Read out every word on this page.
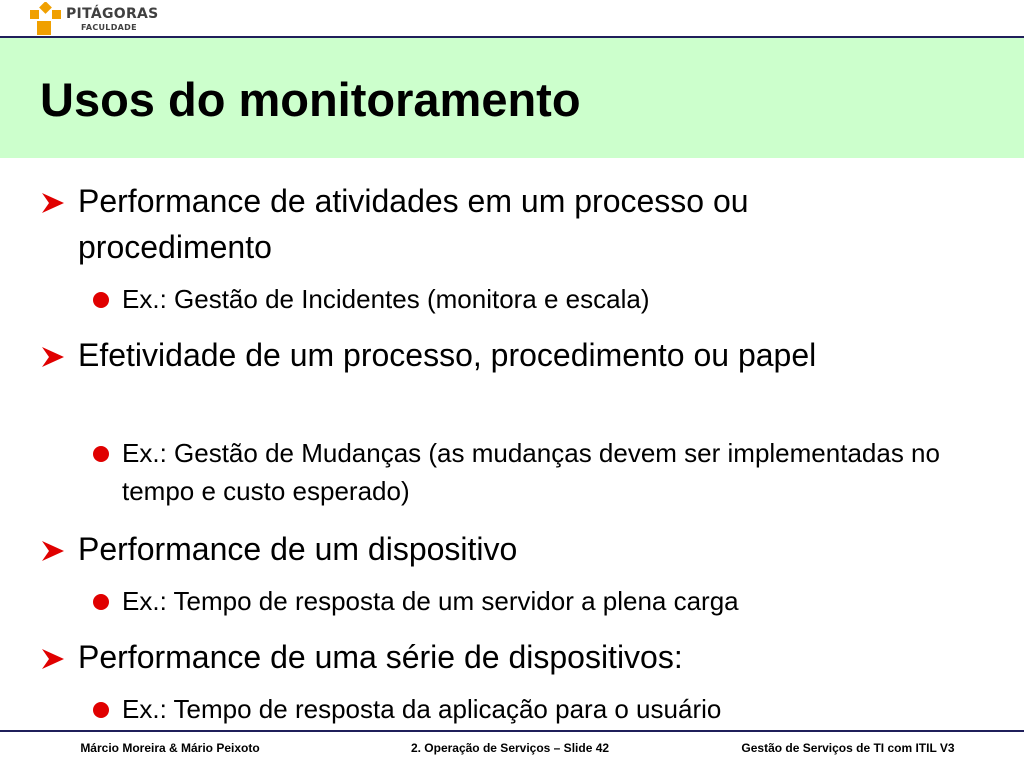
PITÁGORAS
FACULDADE
Usos do monitoramento
Performance de atividades em um processo ou procedimento
Ex.: Gestão de Incidentes (monitora e escala)
Efetividade de um processo, procedimento ou papel
Ex.: Gestão de Mudanças (as mudanças devem ser implementadas no tempo e custo esperado)
Performance de um dispositivo
Ex.: Tempo de resposta de um servidor a plena carga
Performance de uma série de dispositivos:
Ex.: Tempo de resposta da aplicação para o usuário
Márcio Moreira & Mário Peixoto	2. Operação de Serviços – Slide 42	Gestão de Serviços de TI com ITIL V3
